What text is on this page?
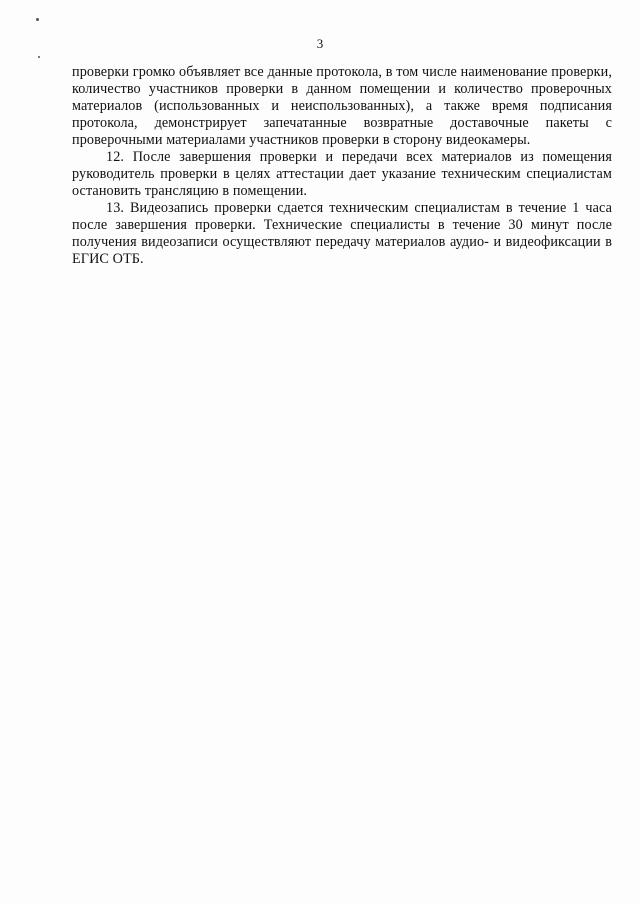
3

проверки громко объявляет все данные протокола, в том числе наименование проверки, количество участников проверки в данном помещении и количество проверочных материалов (использованных и неиспользованных), а также время подписания протокола, демонстрирует запечатанные возвратные доставочные пакеты с проверочными материалами участников проверки в сторону видеокамеры.

12. После завершения проверки и передачи всех материалов из помещения руководитель проверки в целях аттестации дает указание техническим специалистам остановить трансляцию в помещении.

13. Видеозапись проверки сдается техническим специалистам в течение 1 часа после завершения проверки. Технические специалисты в течение 30 минут после получения видеозаписи осуществляют передачу материалов аудио- и видеофиксации в ЕГИС ОТБ.
